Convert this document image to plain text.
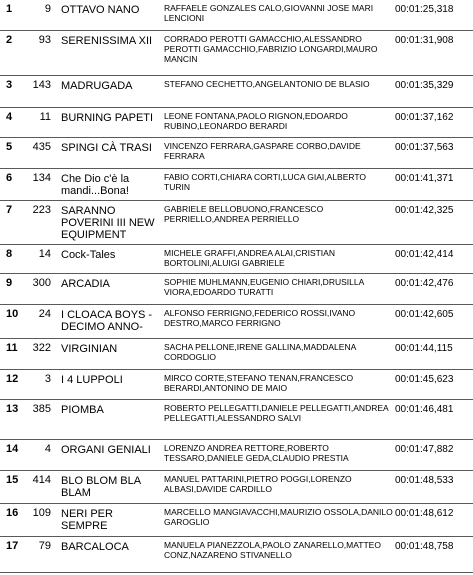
1	9	OTTAVO NANO	RAFFAELE GONZALES CALO,GIOVANNI JOSE MARI LENCIONI	00:01:25,318
2	93	SERENISSIMA XII	CORRADO PEROTTI GAMACCHIO,ALESSANDRO PEROTTI GAMACCHIO,FABRIZIO LONGARDI,MAURO MANCIN	00:01:31,908
3	143	MADRUGADA	STEFANO CECHETTO,ANGELANTONIO DE BLASIO	00:01:35,329
4	11	BURNING PAPETI	LEONE FONTANA,PAOLO RIGNON,EDOARDO RUBINO,LEONARDO BERARDI	00:01:37,162
5	435	SPINGI CÀ TRASI	VINCENZO FERRARA,GASPARE CORBO,DAVIDE FERRARA	00:01:37,563
6	134	Che Dio c'è la mandi...Bona!	FABIO CORTI,CHIARA CORTI,LUCA GIAI,ALBERTO TURIN	00:01:41,371
7	223	SARANNO POVERINI III NEW EQUIPMENT	GABRIELE BELLOBUONO,FRANCESCO PERRIELLO,ANDREA PERRIELLO	00:01:42,325
8	14	Cock-Tales	MICHELE GRAFFI,ANDREA ALAI,CRISTIAN BORTOLINI,ALUIGI GABRIELE	00:01:42,414
9	300	ARCADIA	SOPHIE MUHLMANN,EUGENIO CHIARI,DRUSILLA VIORA,EDOARDO TURATTI	00:01:42,476
10	24	I CLOACA BOYS - DECIMO ANNO-	ALFONSO FERRIGNO,FEDERICO ROSSI,IVANO DESTRO,MARCO FERRIGNO	00:01:42,605
11	322	VIRGINIAN	SACHA PELLONE,IRENE GALLINA,MADDALENA CORDOGLIO	00:01:44,115
12	3	I 4 LUPPOLI	MIRCO CORTE,STEFANO TENAN,FRANCESCO BERARDI,ANTONINO DE MAIO	00:01:45,623
13	385	PIOMBA	ROBERTO PELLEGATTI,DANIELE PELLEGATTI,ANDREA PELLEGATTI,ALESSANDRO SALVI	00:01:46,481
14	4	ORGANI GENIALI	LORENZO ANDREA RETTORE,ROBERTO TESSARO,DANIELE GEDA,CLAUDIO PRESTIA	00:01:47,882
15	414	BLO BLOM BLA BLAM	MANUEL PATTARINI,PIETRO POGGI,LORENZO ALBASI,DAVIDE CARDILLO	00:01:48,533
16	109	NERI PER SEMPRE	MARCELLO MANGIAVACCHI,MAURIZIO OSSOLA,DANILO GAROGLIO	00:01:48,612
17	79	BARCALOCA	MANUELA PIANEZZOLA,PAOLO ZANARELLO,MATTEO CONZ,NAZARENO STIVANELLO	00:01:48,758
